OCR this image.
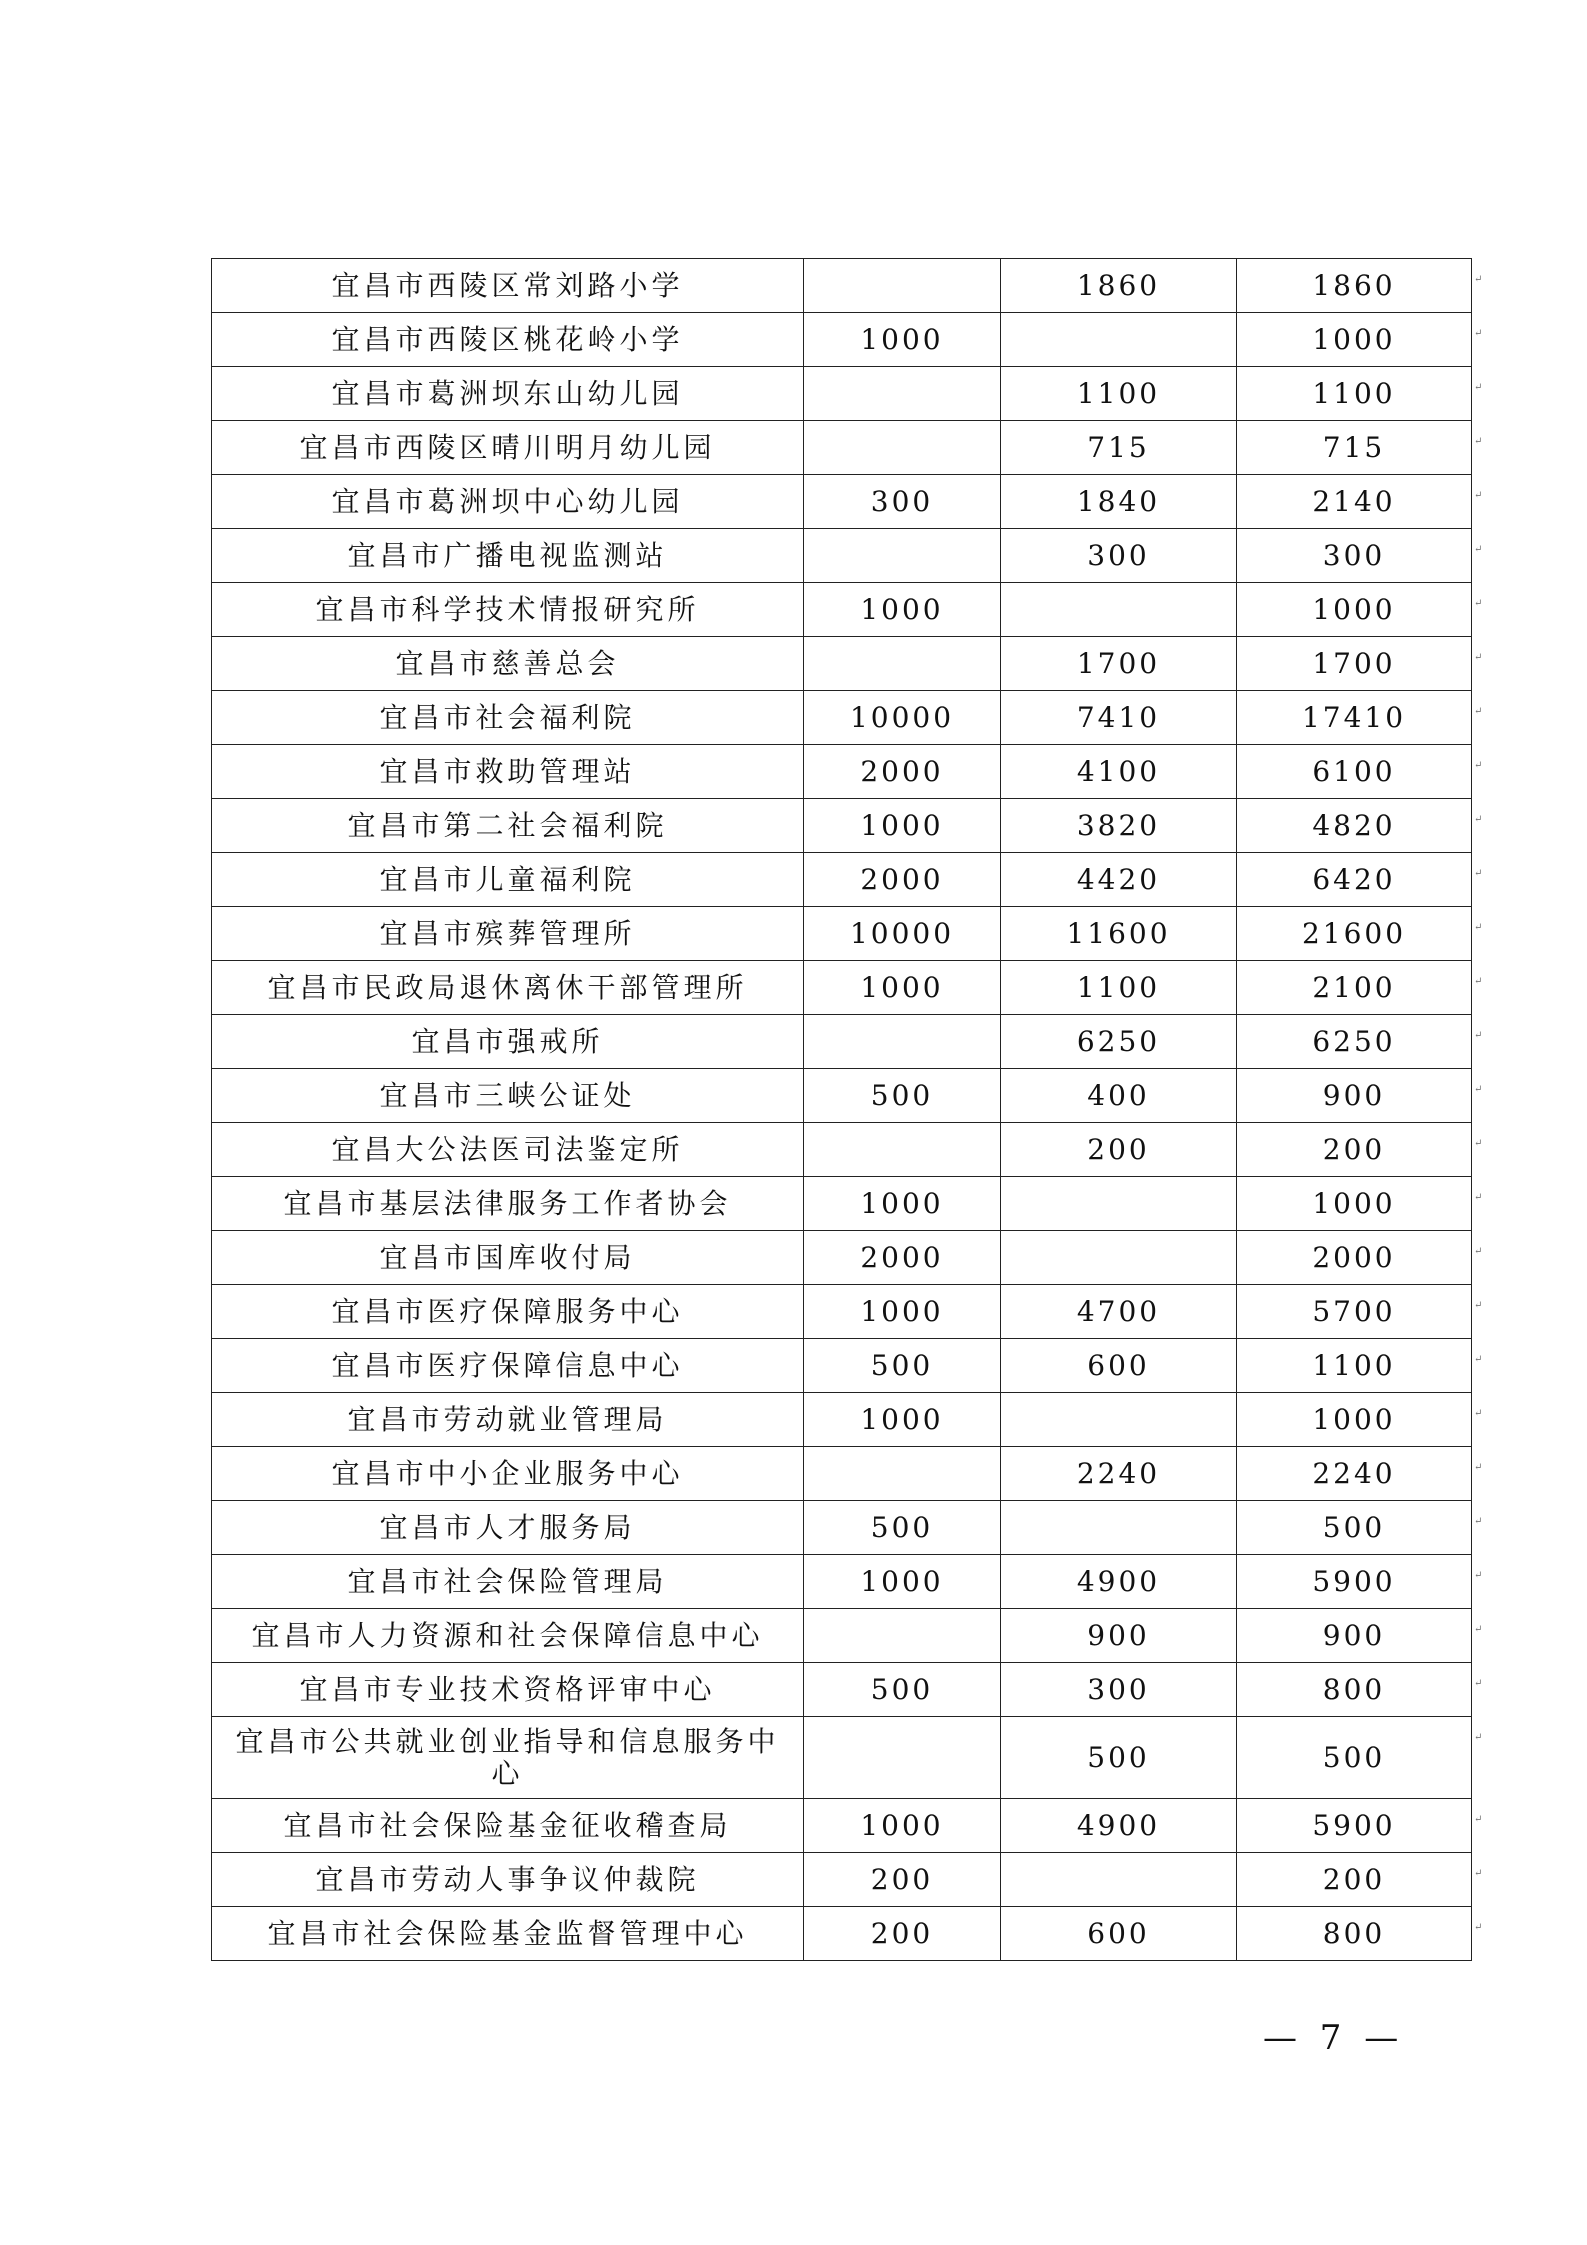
宜昌市西陵区常刘路小学		1860	1860
宜昌市西陵区桃花岭小学	1000		1000
宜昌市葛洲坝东山幼儿园		1100	1100
宜昌市西陵区晴川明月幼儿园		715	715
宜昌市葛洲坝中心幼儿园	300	1840	2140
宜昌市广播电视监测站		300	300
宜昌市科学技术情报研究所	1000		1000
宜昌市慈善总会		1700	1700
宜昌市社会福利院	10000	7410	17410
宜昌市救助管理站	2000	4100	6100
宜昌市第二社会福利院	1000	3820	4820
宜昌市儿童福利院	2000	4420	6420
宜昌市殡葬管理所	10000	11600	21600
宜昌市民政局退休离休干部管理所	1000	1100	2100
宜昌市强戒所		6250	6250
宜昌市三峡公证处	500	400	900
宜昌大公法医司法鉴定所		200	200
宜昌市基层法律服务工作者协会	1000		1000
宜昌市国库收付局	2000		2000
宜昌市医疗保障服务中心	1000	4700	5700
宜昌市医疗保障信息中心	500	600	1100
宜昌市劳动就业管理局	1000		1000
宜昌市中小企业服务中心		2240	2240
宜昌市人才服务局	500		500
宜昌市社会保险管理局	1000	4900	5900
宜昌市人力资源和社会保障信息中心		900	900
宜昌市专业技术资格评审中心	500	300	800
宜昌市公共就业创业指导和信息服务中心		500	500
宜昌市社会保险基金征收稽查局	1000	4900	5900
宜昌市劳动人事争议仲裁院	200		200
宜昌市社会保险基金监督管理中心	200	600	800
↵
↵
↵
↵
↵
↵
↵
↵
↵
↵
↵
↵
↵
↵
↵
↵
↵
↵
↵
↵
↵
↵
↵
↵
↵
↵
↵
↵
↵
↵
↵
— 7 —
